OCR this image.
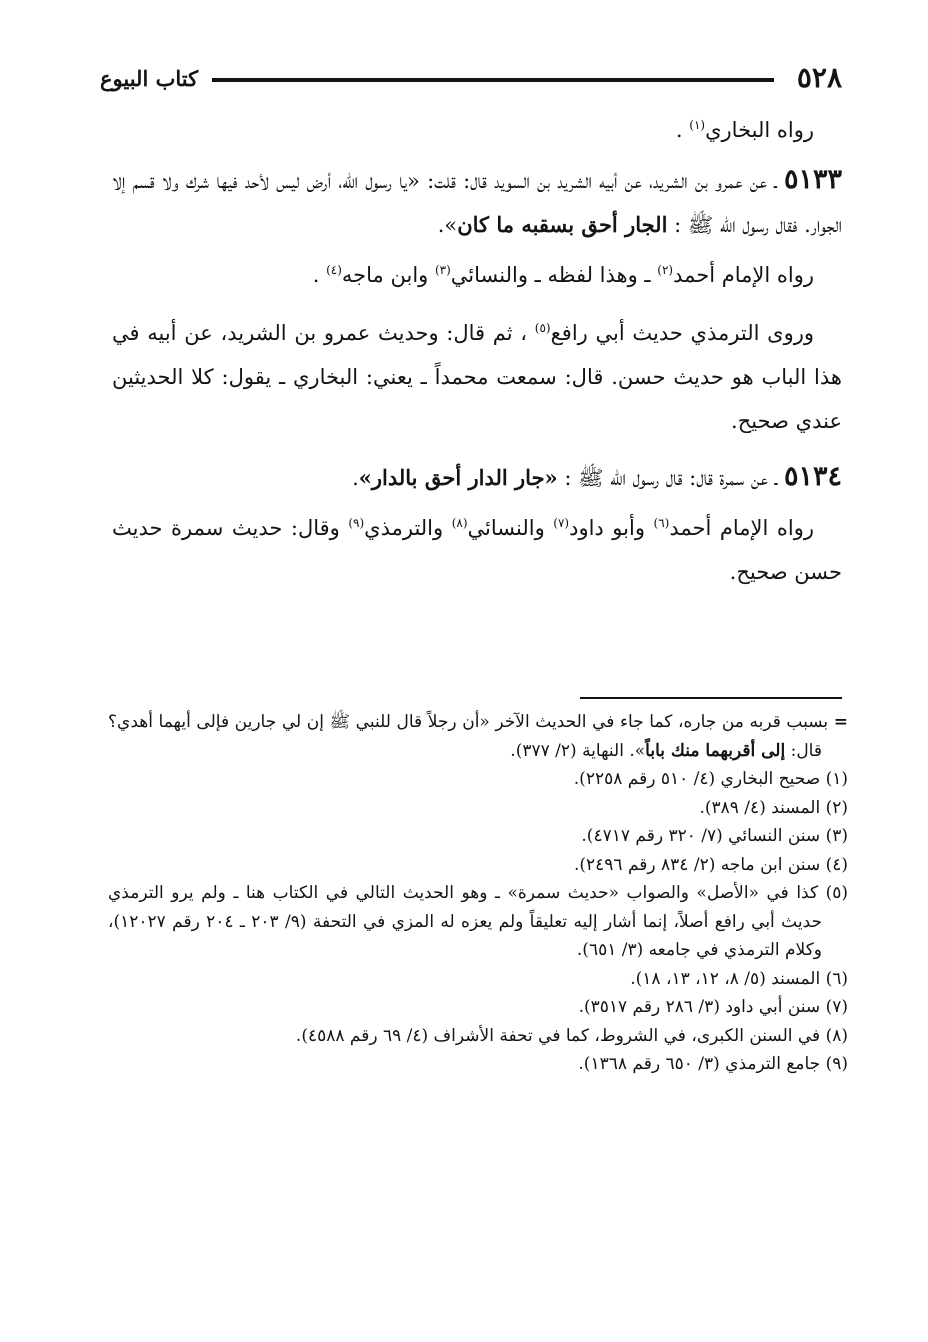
٥٢٨
كتاب البيوع

رواه البخاري$^{(١)}$ .

٥١٣٣ ـ عن عمرو بن الشريد، عن أبيه الشريد بن السويد قال: قلت: «يا رسول اللّه، أرض ليس لأحد فيها شرك ولا قسم إلا الجوار. فقال رسول اللّه ﷺ : الجار أحق بسقبه ما كان».

رواه الإمام أحمد$^{(٢)}$ ـ وهذا لفظه ـ والنسائي$^{(٣)}$ وابن ماجه$^{(٤)}$ .

وروى الترمذي حديث أبي رافع$^{(٥)}$ ، ثم قال: وحديث عمرو بن الشريد، عن أبيه في هذا الباب هو حديث حسن. قال: سمعت محمداً ـ يعني: البخاري ـ يقول: كلا الحديثين عندي صحيح.

٥١٣٤ ـ عن سمرة قال: قال رسول اللّه ﷺ : «جار الدار أحق بالدار».

رواه الإمام أحمد$^{(٦)}$ وأبو داود$^{(٧)}$ والنسائي$^{(٨)}$ والترمذي$^{(٩)}$ وقال: حديث سمرة حديث حسن صحيح.

= بسبب قربه من جاره، كما جاء في الحديث الآخر «أن رجلاً قال للنبي ﷺ إن لي جارين فإلى أيهما أهدي؟ قال: إلى أقربهما منك باباً». النهاية (٢/ ٣٧٧).

(١) صحيح البخاري (٤/ ٥١٠ رقم ٢٢٥٨).

(٢) المسند (٤/ ٣٨٩).

(٣) سنن النسائي (٧/ ٣٢٠ رقم ٤٧١٧).

(٤) سنن ابن ماجه (٢/ ٨٣٤ رقم ٢٤٩٦).

(٥) كذا في «الأصل» والصواب «حديث سمرة» ـ وهو الحديث التالي في الكتاب هنا ـ ولم يرو الترمذي حديث أبي رافع أصلاً، إنما أشار إليه تعليقاً ولم يعزه له المزي في التحفة (٩/ ٢٠٣ ـ ٢٠٤ رقم ١٢٠٢٧)، وكلام الترمذي في جامعه (٣/ ٦٥١).

(٦) المسند (٥/ ٨، ١٢، ١٣، ١٨).

(٧) سنن أبي داود (٣/ ٢٨٦ رقم ٣٥١٧).

(٨) في السنن الكبرى، في الشروط، كما في تحفة الأشراف (٤/ ٦٩ رقم ٤٥٨٨).

(٩) جامع الترمذي (٣/ ٦٥٠ رقم ١٣٦٨).
